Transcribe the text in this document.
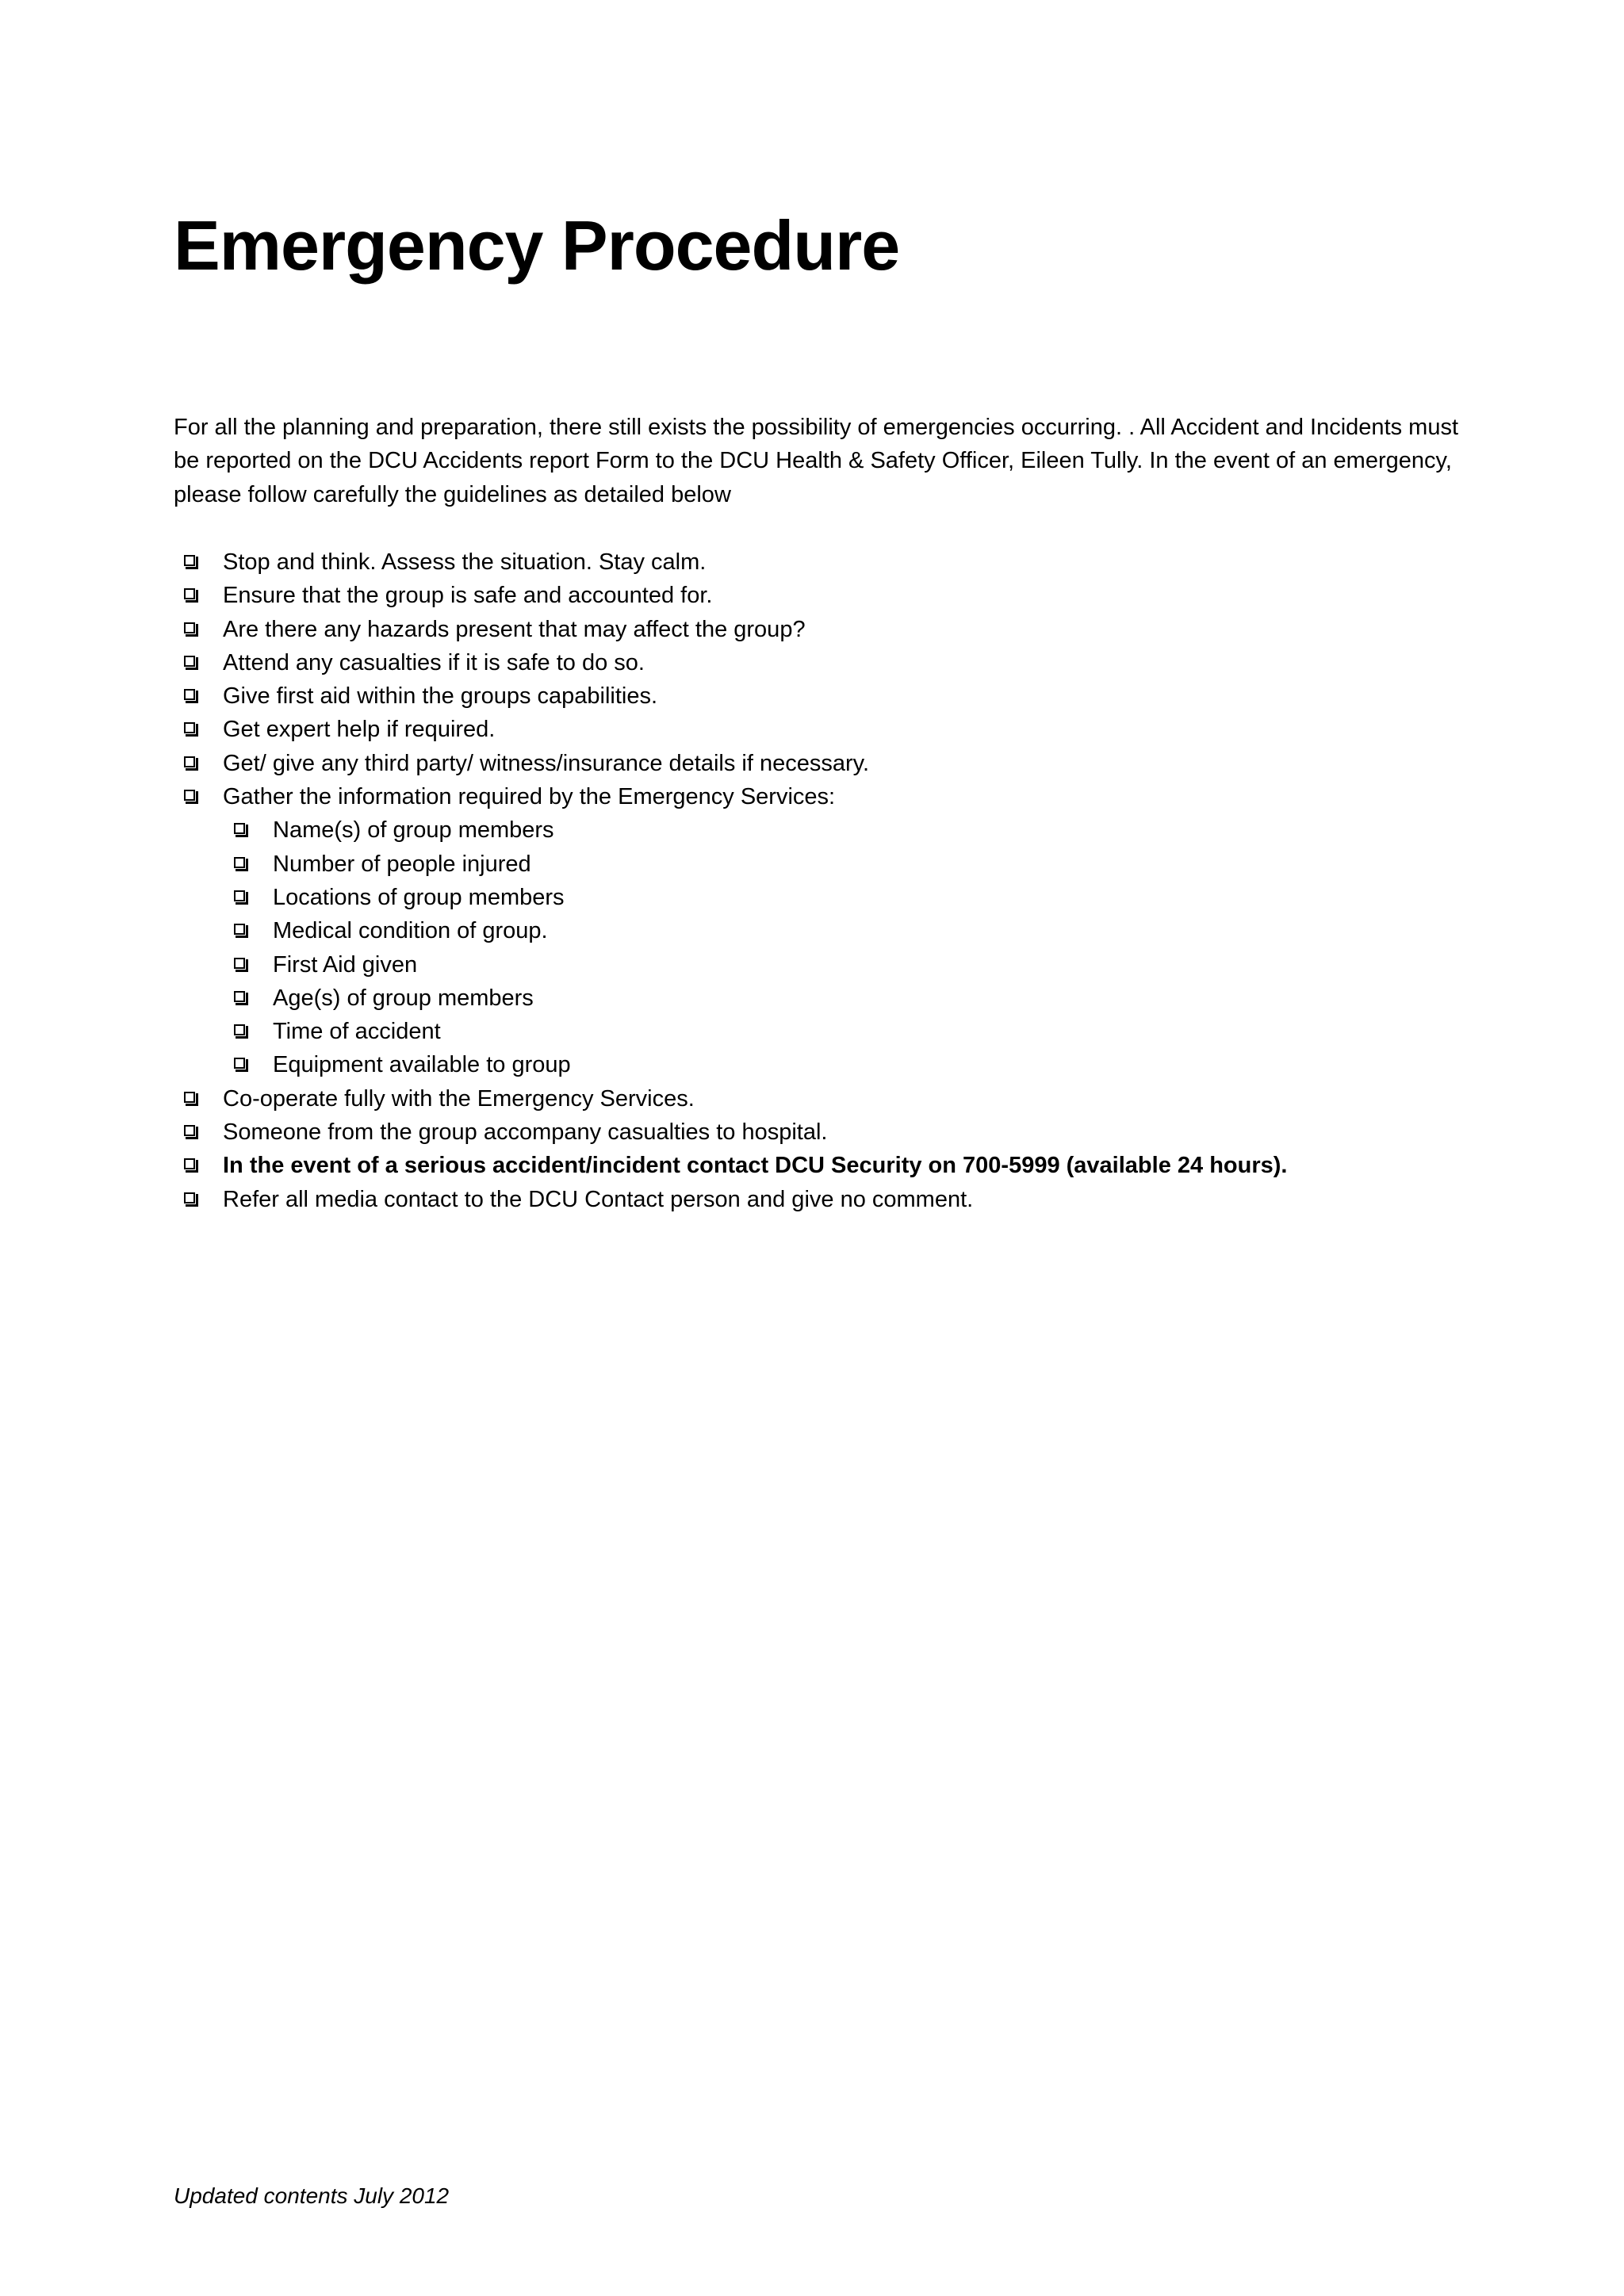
Emergency Procedure

For all the planning and preparation, there still exists the possibility of emergencies occurring. . All Accident and Incidents must be reported on the DCU Accidents report Form to the DCU Health & Safety Officer, Eileen Tully. In the event of an emergency, please follow carefully the guidelines as detailed below

Stop and think. Assess the situation. Stay calm.
Ensure that the group is safe and accounted for.
Are there any hazards present that may affect the group?
Attend any casualties if it is safe to do so.
Give first aid within the groups capabilities.
Get expert help if required.
Get/ give any third party/ witness/insurance details if necessary.
Gather the information required by the Emergency Services:
Name(s) of group members
Number of people injured
Locations of group members
Medical condition of group.
First Aid given
Age(s) of group members
Time of accident
Equipment available to group
Co-operate fully with the Emergency Services.
Someone from the group accompany casualties to hospital.
In the event of a serious accident/incident contact DCU Security on 700-5999 (available 24 hours).
Refer all media contact to the DCU Contact person and give no comment.

Updated contents July 2012
